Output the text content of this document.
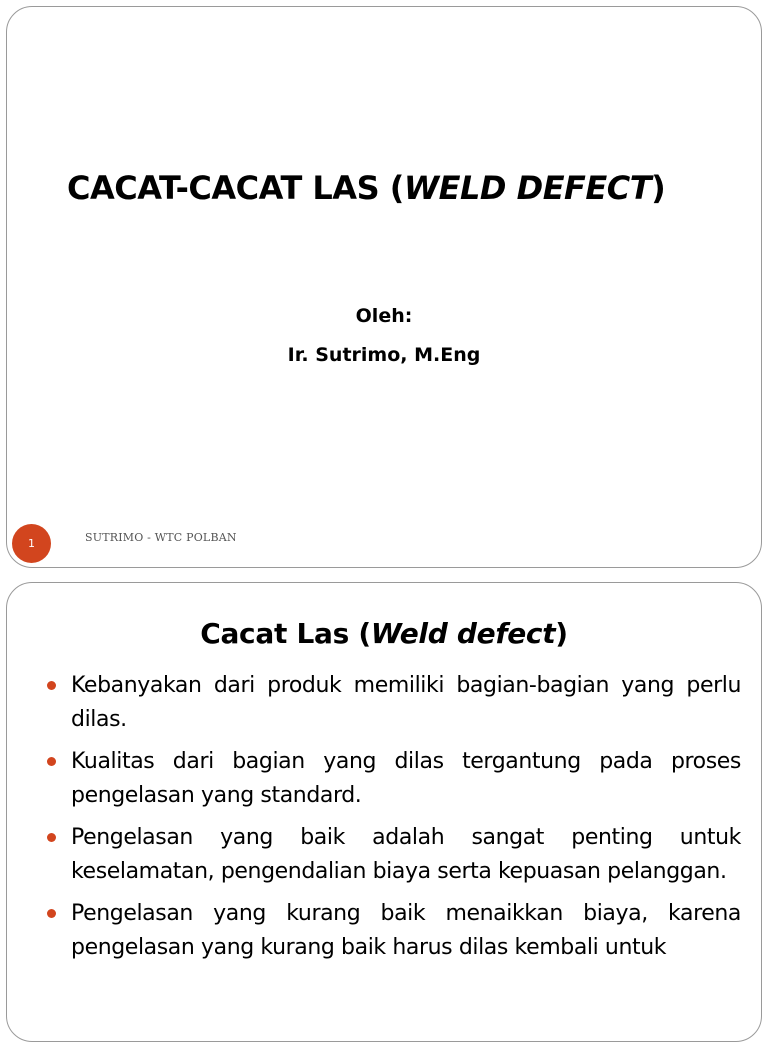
CACAT-CACAT LAS (WELD DEFECT)
Oleh:
Ir. Sutrimo, M.Eng
1	SUTRIMO - WTC POLBAN
Cacat Las (Weld defect)
Kebanyakan dari produk memiliki bagian-bagian yang perlu dilas.
Kualitas dari bagian yang dilas tergantung pada proses pengelasan yang standard.
Pengelasan yang baik adalah sangat penting untuk keselamatan, pengendalian biaya serta kepuasan pelanggan.
Pengelasan yang kurang baik menaikkan biaya, karena pengelasan yang kurang baik harus dilas kembali untuk
